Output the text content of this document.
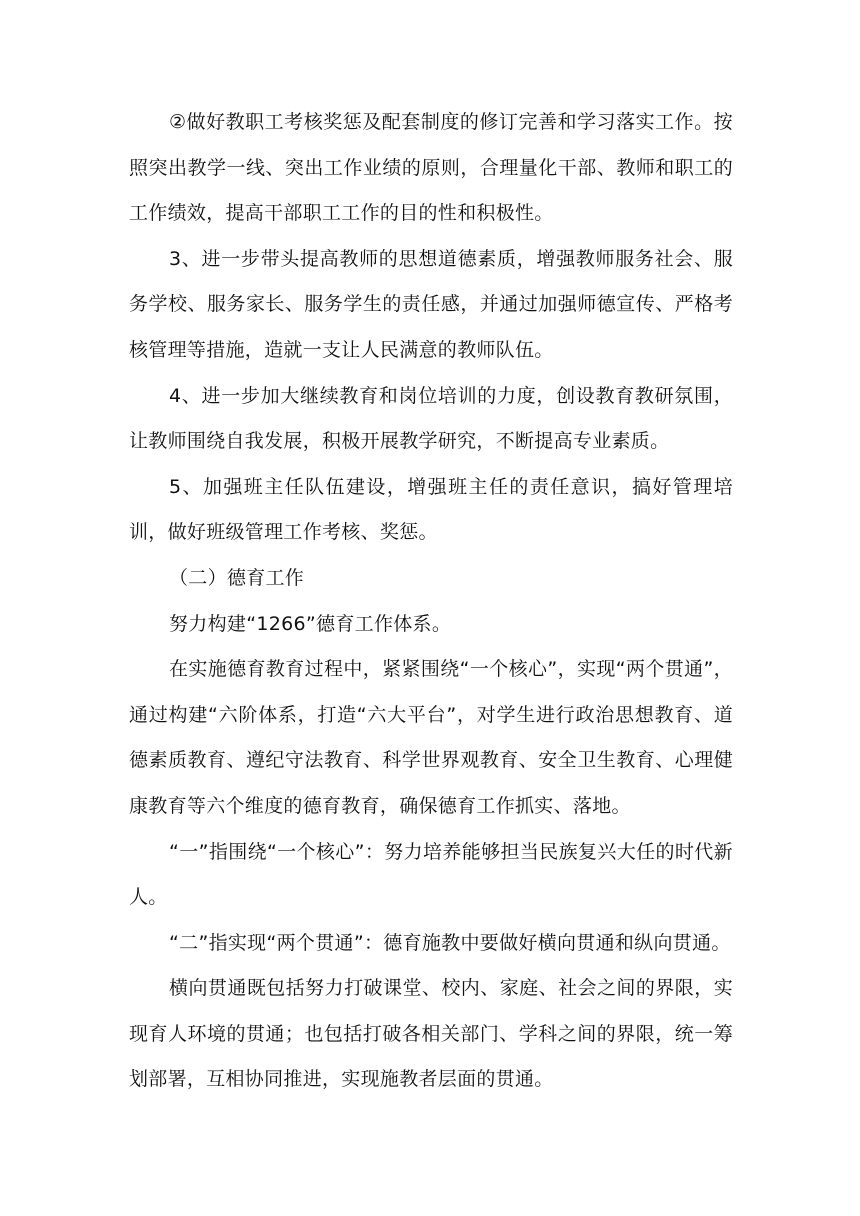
②做好教职工考核奖惩及配套制度的修订完善和学习落实工作。按照突出教学一线、突出工作业绩的原则，合理量化干部、教师和职工的工作绩效，提高干部职工工作的目的性和积极性。

3、进一步带头提高教师的思想道德素质，增强教师服务社会、服务学校、服务家长、服务学生的责任感，并通过加强师德宣传、严格考核管理等措施，造就一支让人民满意的教师队伍。

4、进一步加大继续教育和岗位培训的力度，创设教育教研氛围，让教师围绕自我发展，积极开展教学研究，不断提高专业素质。

5、加强班主任队伍建设，增强班主任的责任意识，搞好管理培训，做好班级管理工作考核、奖惩。

（二）德育工作

努力构建“1266”德育工作体系。

在实施德育教育过程中，紧紧围绕“一个核心”，实现“两个贯通”，通过构建“六阶体系，打造“六大平台”，对学生进行政治思想教育、道德素质教育、遵纪守法教育、科学世界观教育、安全卫生教育、心理健康教育等六个维度的德育教育，确保德育工作抓实、落地。

“一”指围绕“一个核心”：努力培养能够担当民族复兴大任的时代新人。

“二”指实现“两个贯通”：德育施教中要做好横向贯通和纵向贯通。

横向贯通既包括努力打破课堂、校内、家庭、社会之间的界限，实现育人环境的贯通；也包括打破各相关部门、学科之间的界限，统一筹划部署，互相协同推进，实现施教者层面的贯通。
